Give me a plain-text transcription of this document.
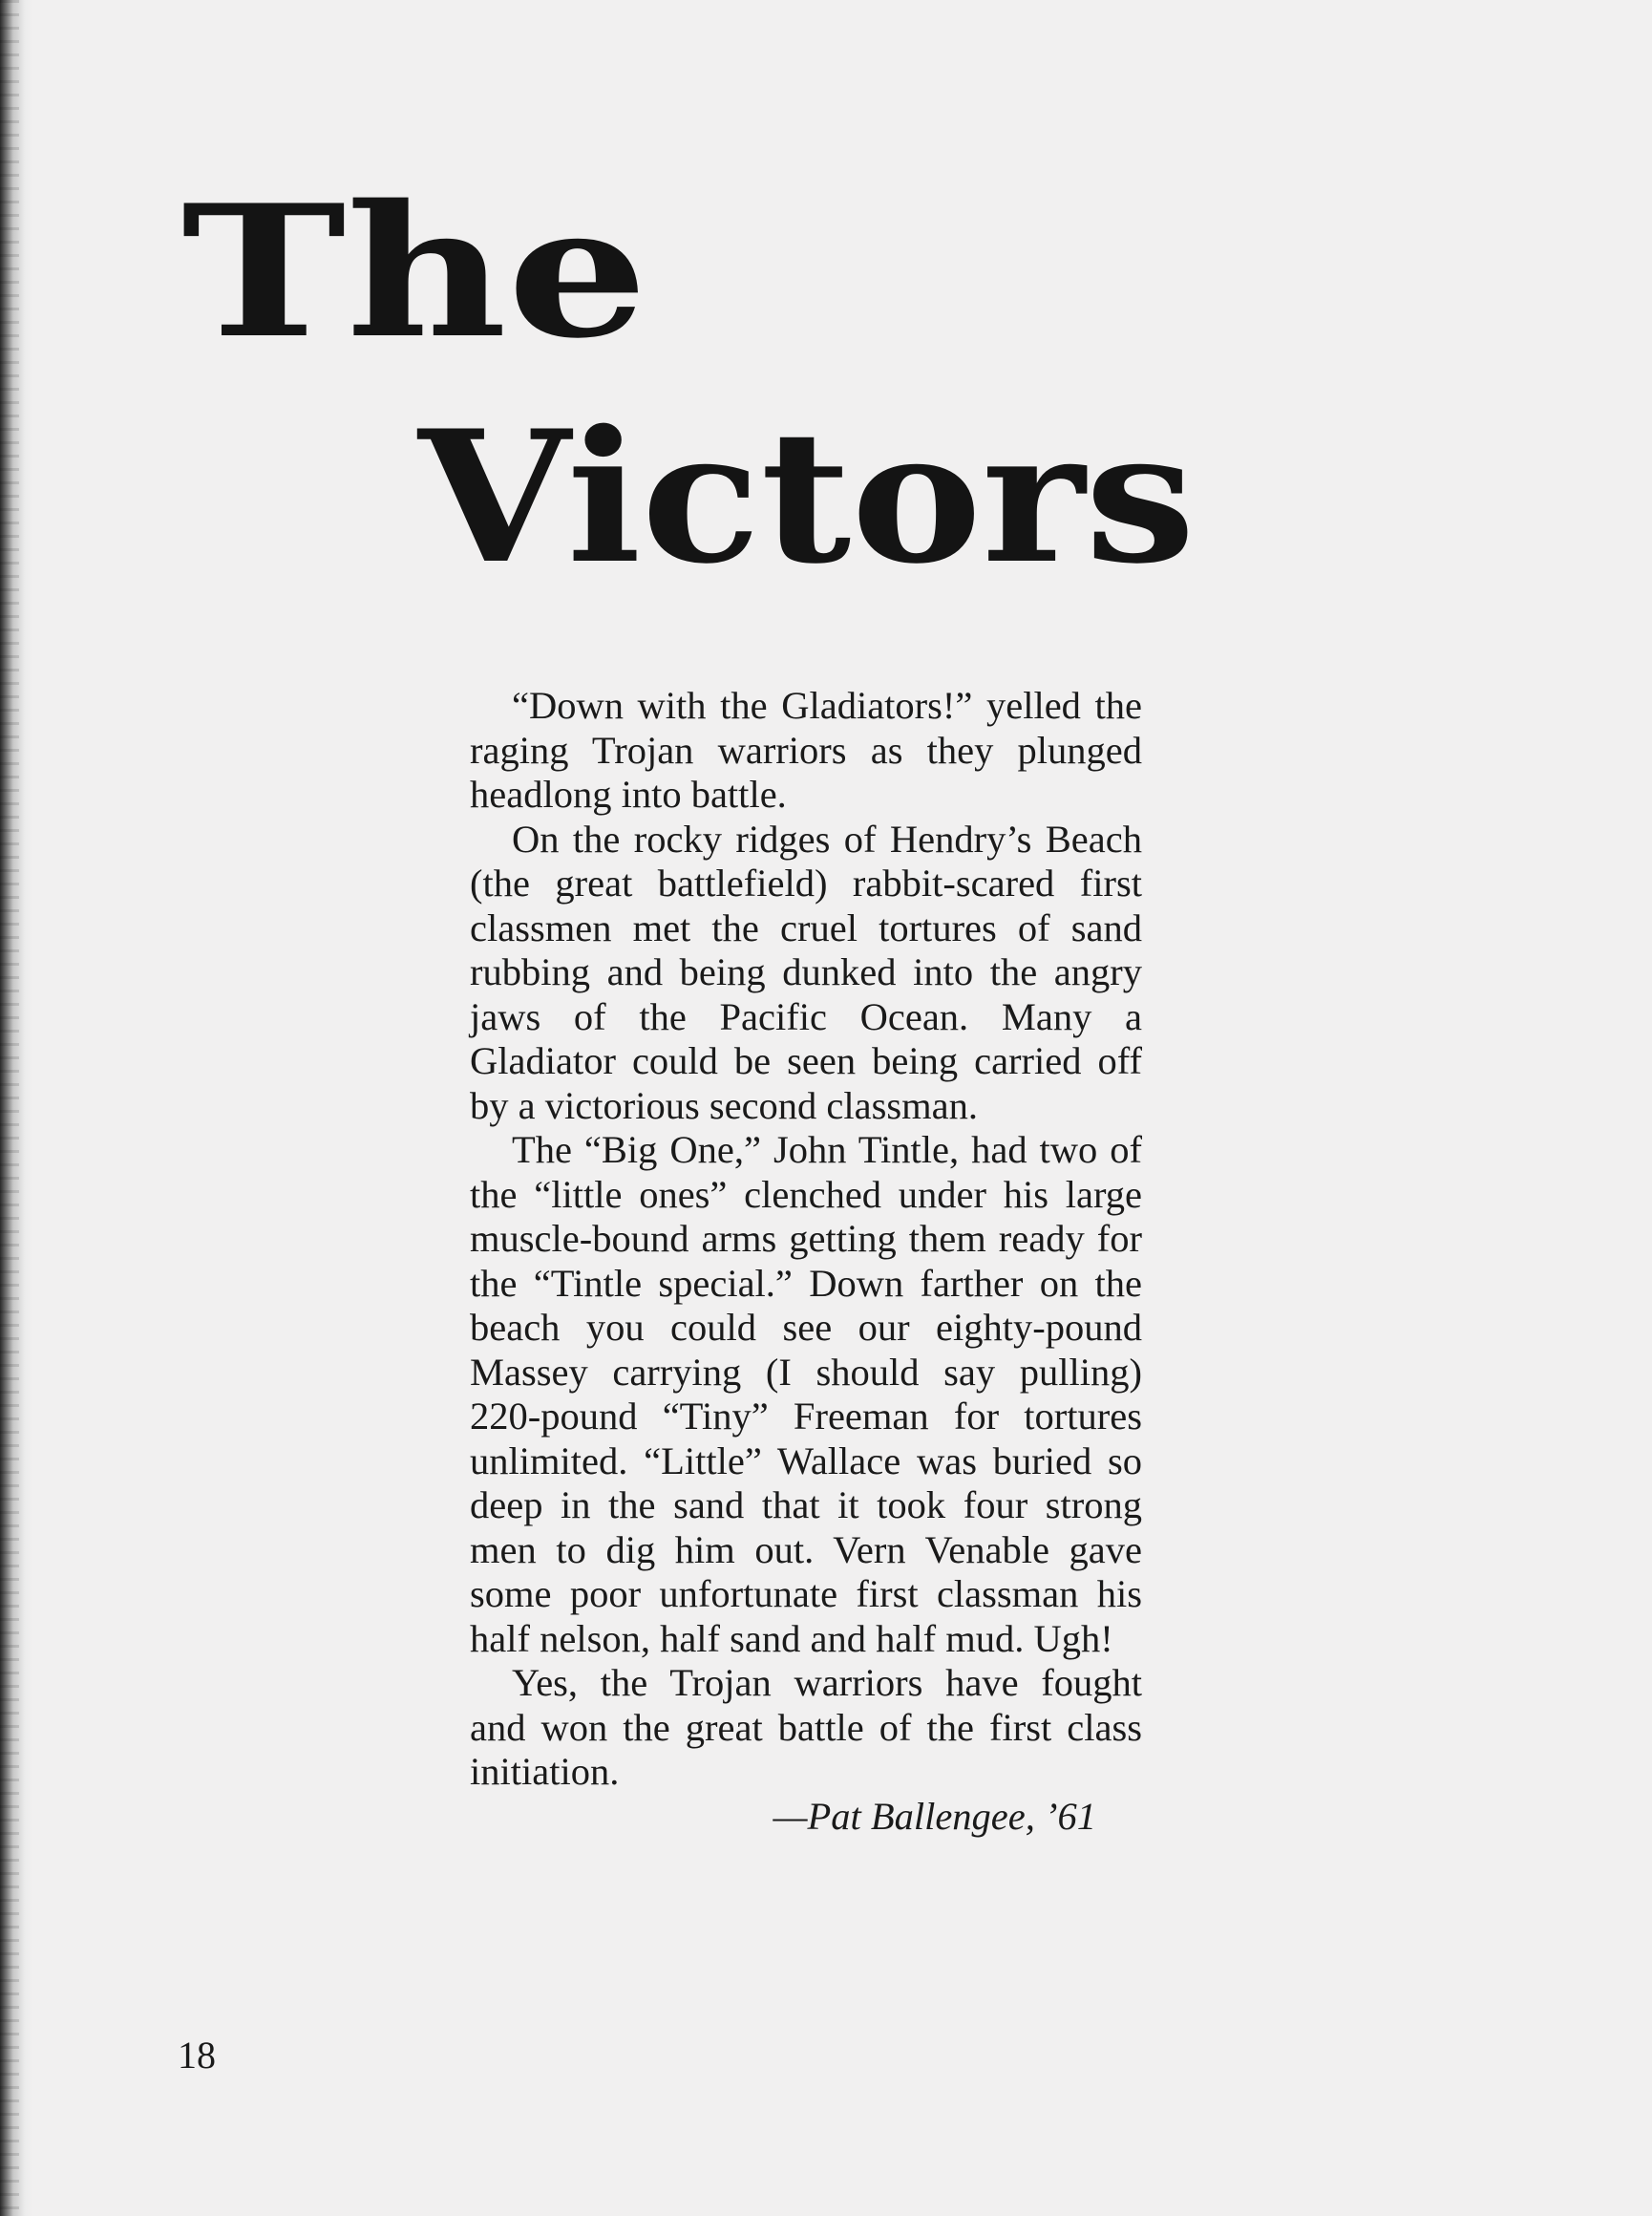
The
Victors

“Down with the Gladiators!” yelled the raging Trojan warriors as they plunged headlong into battle.

On the rocky ridges of Hendry’s Beach (the great battlefield) rabbit-scared first classmen met the cruel tortures of sand rubbing and being dunked into the angry jaws of the Pacific Ocean. Many a Gladiator could be seen being carried off by a victorious second classman.

The “Big One,” John Tintle, had two of the “little ones” clenched under his large muscle-bound arms getting them ready for the “Tintle special.” Down farther on the beach you could see our eighty-pound Massey carrying (I should say pulling) 220-pound “Tiny” Freeman for tortures unlimited. “Little” Wallace was buried so deep in the sand that it took four strong men to dig him out. Vern Venable gave some poor unfortunate first classman his half nelson, half sand and half mud. Ugh!

Yes, the Trojan warriors have fought and won the great battle of the first class initiation.

—Pat Ballengee, ’61

18
